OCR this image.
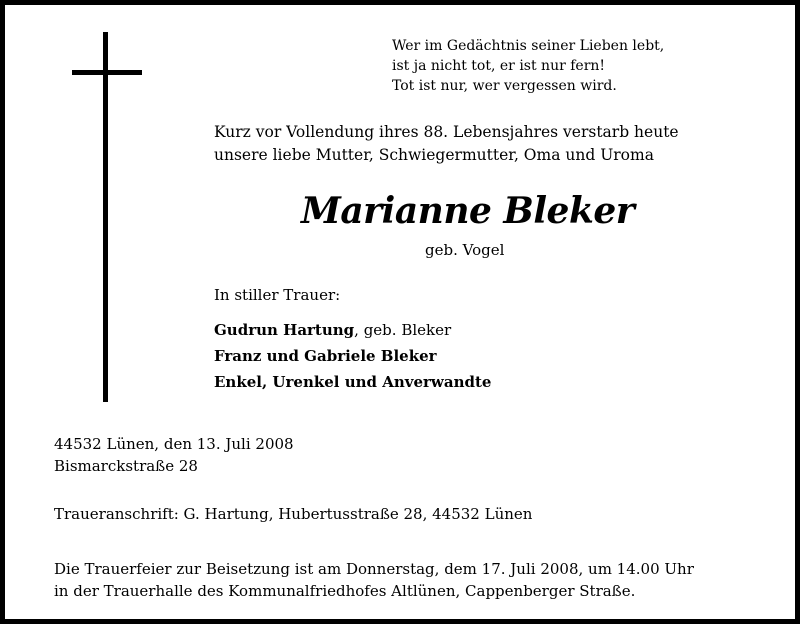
Wer im Gedächtnis seiner Lieben lebt,
ist ja nicht tot, er ist nur fern!
Tot ist nur, wer vergessen wird.
Kurz vor Vollendung ihres 88. Lebensjahres verstarb heute
unsere liebe Mutter, Schwiegermutter, Oma und Uroma
Marianne Bleker
geb. Vogel
In stiller Trauer:
Gudrun Hartung, geb. Bleker
Franz und Gabriele Bleker
Enkel, Urenkel und Anverwandte
44532 Lünen, den 13. Juli 2008
Bismarckstraße 28
Traueranschrift: G. Hartung, Hubertusstraße 28, 44532 Lünen
Die Trauerfeier zur Beisetzung ist am Donnerstag, dem 17. Juli 2008, um 14.00 Uhr
in der Trauerhalle des Kommunalfriedhofes Altlünen, Cappenberger Straße.
